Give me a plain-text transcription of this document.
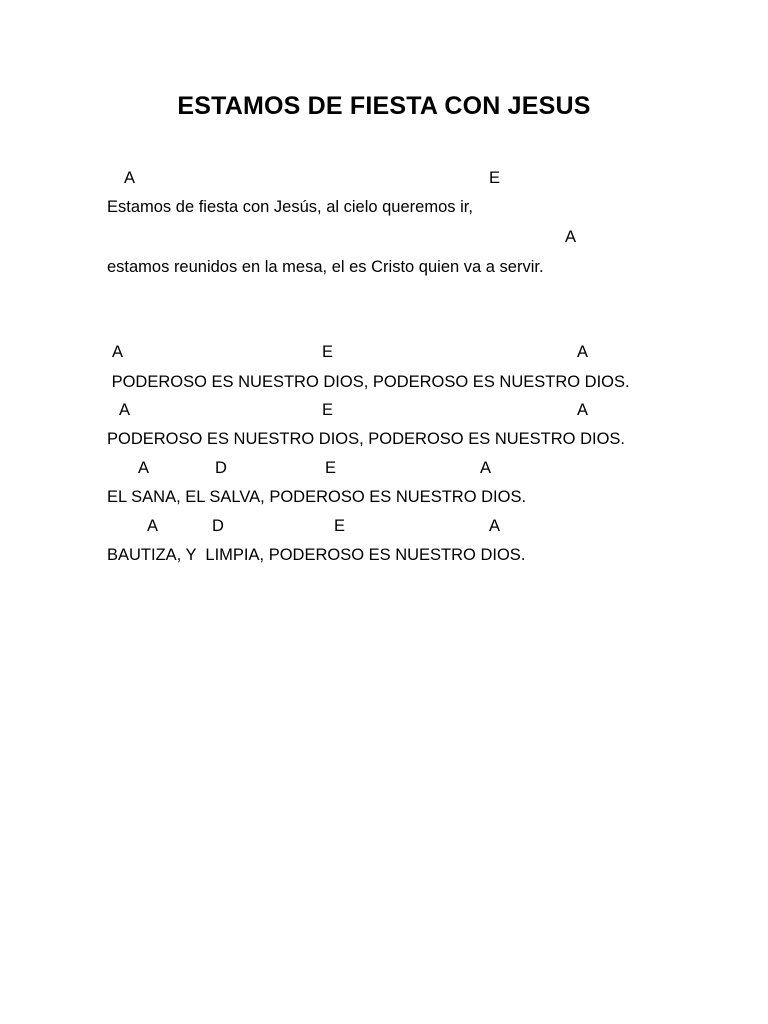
ESTAMOS DE FIESTA CON JESUS
A	E
Estamos de fiesta con Jesús, al cielo queremos ir,
A
estamos reunidos en la mesa, el es Cristo quien va a servir.
A	E	A
PODEROSO ES NUESTRO DIOS, PODEROSO ES NUESTRO DIOS.
A	E	A
PODEROSO ES NUESTRO DIOS, PODEROSO ES NUESTRO DIOS.
A	D	E	A
EL SANA, EL SALVA, PODEROSO ES NUESTRO DIOS.
A	D	E	A
BAUTIZA, Y  LIMPIA, PODEROSO ES NUESTRO DIOS.
